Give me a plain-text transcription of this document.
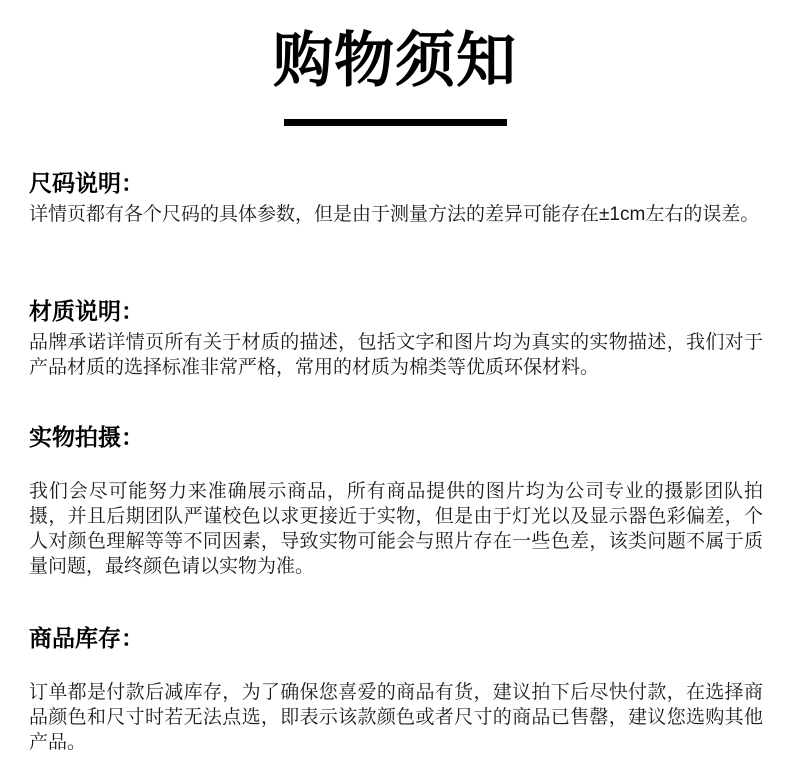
购物须知
尺码说明：

详情页都有各个尺码的具体参数，但是由于测量方法的差异可能存在±1cm左右的误差。

材质说明：

品牌承诺详情页所有关于材质的描述，包括文字和图片均为真实的实物描述，我们对于产品材质的选择标准非常严格，常用的材质为棉类等优质环保材料。

实物拍摄：

我们会尽可能努力来准确展示商品，所有商品提供的图片均为公司专业的摄影团队拍摄，并且后期团队严谨校色以求更接近于实物，但是由于灯光以及显示器色彩偏差，个人对颜色理解等等不同因素，导致实物可能会与照片存在一些色差，该类问题不属于质量问题，最终颜色请以实物为准。

商品库存：

订单都是付款后减库存，为了确保您喜爱的商品有货，建议拍下后尽快付款，在选择商品颜色和尺寸时若无法点选，即表示该款颜色或者尺寸的商品已售罄，建议您选购其他产品。
